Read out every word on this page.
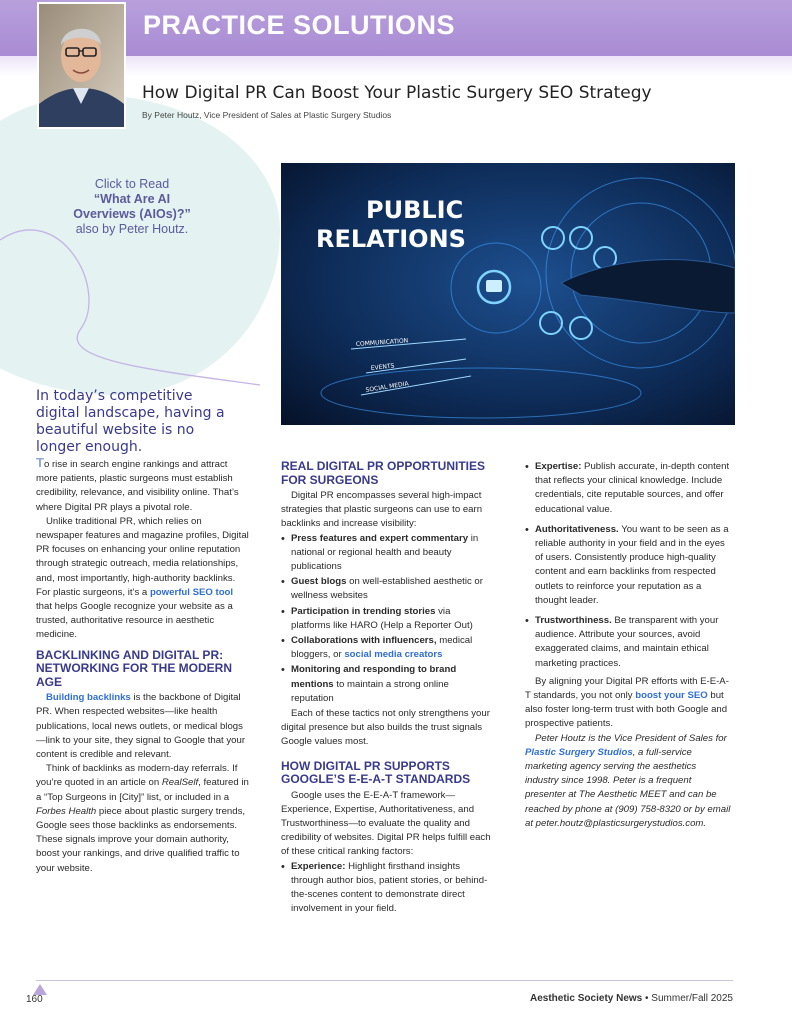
PRACTICE SOLUTIONS
How Digital PR Can Boost Your Plastic Surgery SEO Strategy
By Peter Houtz, Vice President of Sales at Plastic Surgery Studios
Click to Read
“What Are AI
Overviews (AIOs)?”
also by Peter Houtz.
PUBLIC
RELATIONS
COMMUNICATION
EVENTS
SOCIAL MEDIA
In today’s competitive digital landscape, having a beautiful website is no longer enough.

To rise in search engine rankings and attract more patients, plastic surgeons must establish credibility, relevance, and visibility online. That’s where Digital PR plays a pivotal role.

Unlike traditional PR, which relies on newspaper features and magazine profiles, Digital PR focuses on enhancing your online reputation through strategic outreach, media relationships, and, most importantly, high-authority backlinks. For plastic surgeons, it’s a powerful SEO tool that helps Google recognize your website as a trusted, authoritative resource in aesthetic medicine.

BACKLINKING AND DIGITAL PR: NETWORKING FOR THE MODERN AGE

Building backlinks is the backbone of Digital PR. When respected websites—like health publications, local news outlets, or medical blogs—link to your site, they signal to Google that your content is credible and relevant.

Think of backlinks as modern-day referrals. If you’re quoted in an article on RealSelf, featured in a “Top Surgeons in [City]” list, or included in a Forbes Health piece about plastic surgery trends, Google sees those backlinks as endorsements. These signals improve your domain authority, boost your rankings, and drive qualified traffic to your website.

REAL DIGITAL PR OPPORTUNITIES FOR SURGEONS

Digital PR encompasses several high-impact strategies that plastic surgeons can use to earn backlinks and increase visibility:

• Press features and expert commentary in national or regional health and beauty publications
• Guest blogs on well-established aesthetic or wellness websites
• Participation in trending stories via platforms like HARO (Help a Reporter Out)
• Collaborations with influencers, medical bloggers, or social media creators
• Monitoring and responding to brand mentions to maintain a strong online reputation

Each of these tactics not only strengthens your digital presence but also builds the trust signals Google values most.

HOW DIGITAL PR SUPPORTS GOOGLE’S E-E-A-T STANDARDS

Google uses the E-E-A-T framework—Experience, Expertise, Authoritativeness, and Trustworthiness—to evaluate the quality and credibility of websites. Digital PR helps fulfill each of these critical ranking factors:

• Experience: Highlight firsthand insights through author bios, patient stories, or behind-the-scenes content to demonstrate direct involvement in your field.
• Expertise: Publish accurate, in-depth content that reflects your clinical knowledge. Include credentials, cite reputable sources, and offer educational value.
• Authoritativeness. You want to be seen as a reliable authority in your field and in the eyes of users. Consistently produce high-quality content and earn backlinks from respected outlets to reinforce your reputation as a thought leader.
• Trustworthiness. Be transparent with your audience. Attribute your sources, avoid exaggerated claims, and maintain ethical marketing practices.

By aligning your Digital PR efforts with E-E-A-T standards, you not only boost your SEO but also foster long-term trust with both Google and prospective patients.

Peter Houtz is the Vice President of Sales for Plastic Surgery Studios, a full-service marketing agency serving the aesthetics industry since 1998. Peter is a frequent presenter at The Aesthetic MEET and can be reached by phone at (909) 758-8320 or by email at peter.houtz@plasticsurgerystudios.com.

160	Aesthetic Society News • Summer/Fall 2025
